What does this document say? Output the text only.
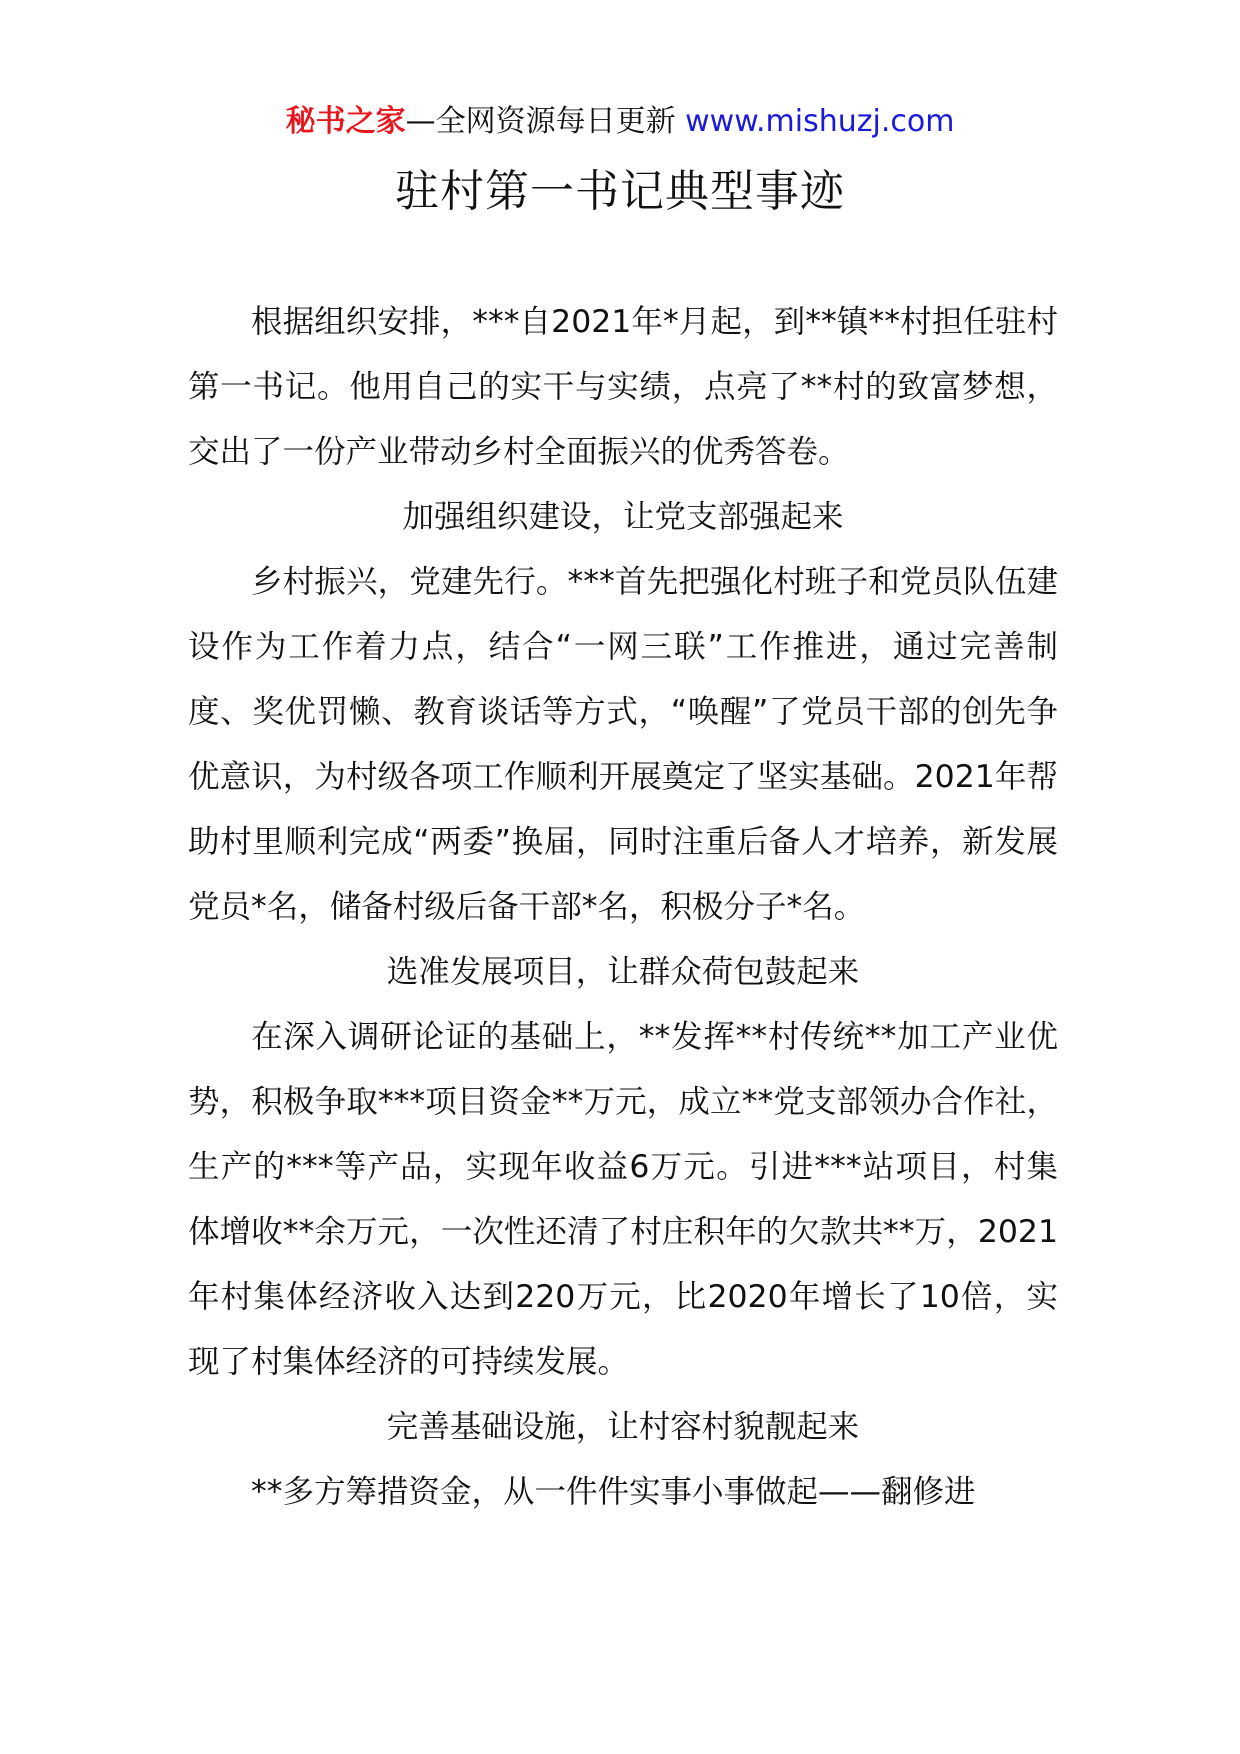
秘书之家—全网资源每日更新 www.mishuzj.com
驻村第一书记典型事迹

根据组织安排，***自2021年*月起，到**镇**村担任驻村第一书记。他用自己的实干与实绩，点亮了**村的致富梦想，交出了一份产业带动乡村全面振兴的优秀答卷。

加强组织建设，让党支部强起来

乡村振兴，党建先行。***首先把强化村班子和党员队伍建设作为工作着力点，结合“一网三联”工作推进，通过完善制度、奖优罚懒、教育谈话等方式，“唤醒”了党员干部的创先争优意识，为村级各项工作顺利开展奠定了坚实基础。2021年帮助村里顺利完成“两委”换届，同时注重后备人才培养，新发展党员*名，储备村级后备干部*名，积极分子*名。

选准发展项目，让群众荷包鼓起来

在深入调研论证的基础上，**发挥**村传统**加工产业优势，积极争取***项目资金**万元，成立**党支部领办合作社，生产的***等产品，实现年收益6万元。引进***站项目，村集体增收**余万元，一次性还清了村庄积年的欠款共**万，2021年村集体经济收入达到220万元，比2020年增长了10倍，实现了村集体经济的可持续发展。

完善基础设施，让村容村貌靓起来

**多方筹措资金，从一件件实事小事做起——翻修进
